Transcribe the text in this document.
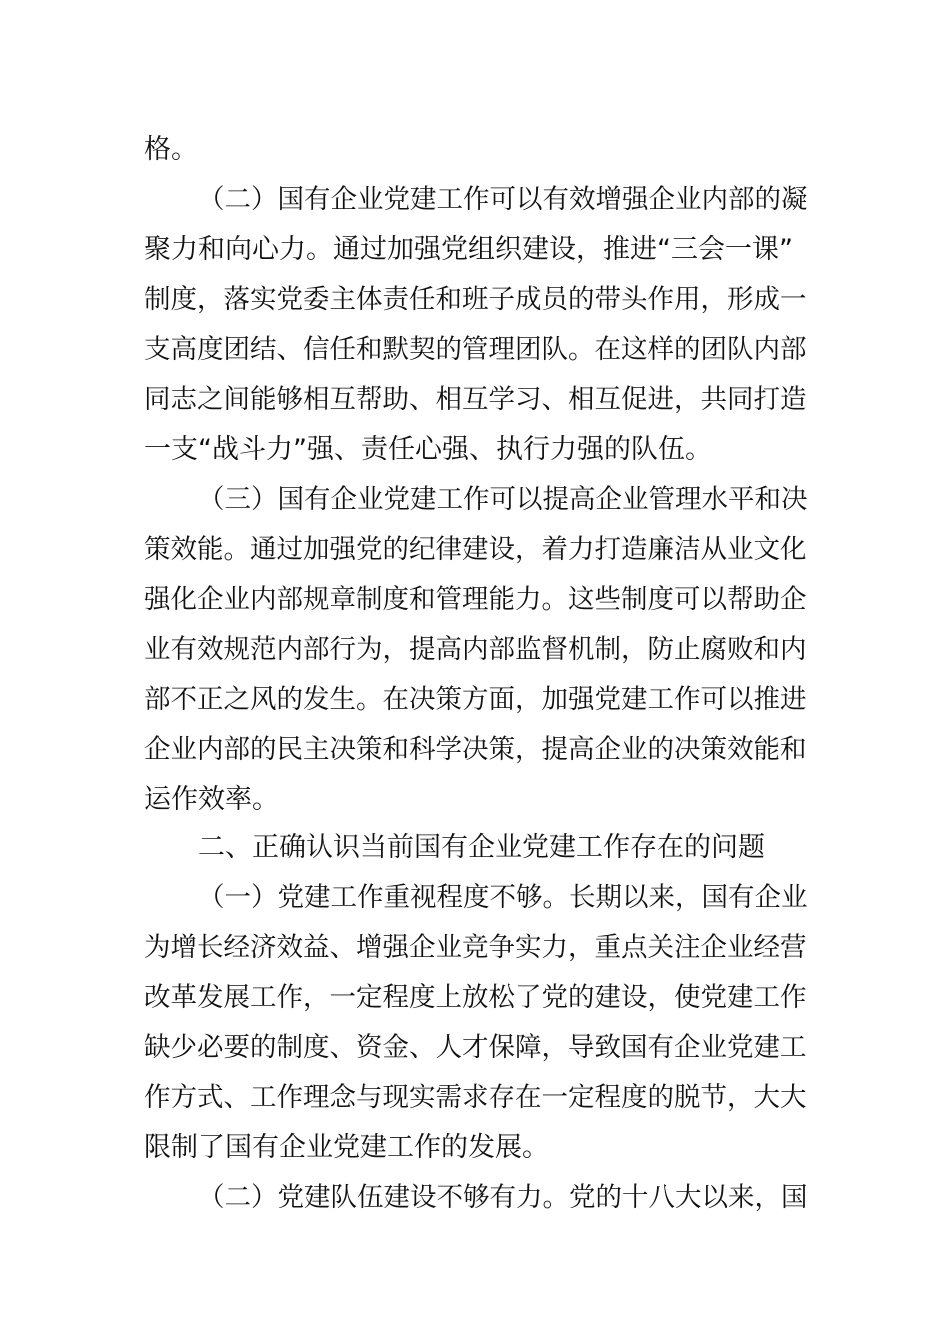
格。
（二）国有企业党建工作可以有效增强企业内部的凝
聚力和向心力。通过加强党组织建设，推进“三会一课”
制度，落实党委主体责任和班子成员的带头作用，形成一
支高度团结、信任和默契的管理团队。在这样的团队内部
同志之间能够相互帮助、相互学习、相互促进，共同打造
一支“战斗力”强、责任心强、执行力强的队伍。
（三）国有企业党建工作可以提高企业管理水平和决
策效能。通过加强党的纪律建设，着力打造廉洁从业文化
强化企业内部规章制度和管理能力。这些制度可以帮助企
业有效规范内部行为，提高内部监督机制，防止腐败和内
部不正之风的发生。在决策方面，加强党建工作可以推进
企业内部的民主决策和科学决策，提高企业的决策效能和
运作效率。
二、正确认识当前国有企业党建工作存在的问题
（一）党建工作重视程度不够。长期以来，国有企业
为增长经济效益、增强企业竞争实力，重点关注企业经营
改革发展工作，一定程度上放松了党的建设，使党建工作
缺少必要的制度、资金、人才保障，导致国有企业党建工
作方式、工作理念与现实需求存在一定程度的脱节，大大
限制了国有企业党建工作的发展。
（二）党建队伍建设不够有力。党的十八大以来，国
